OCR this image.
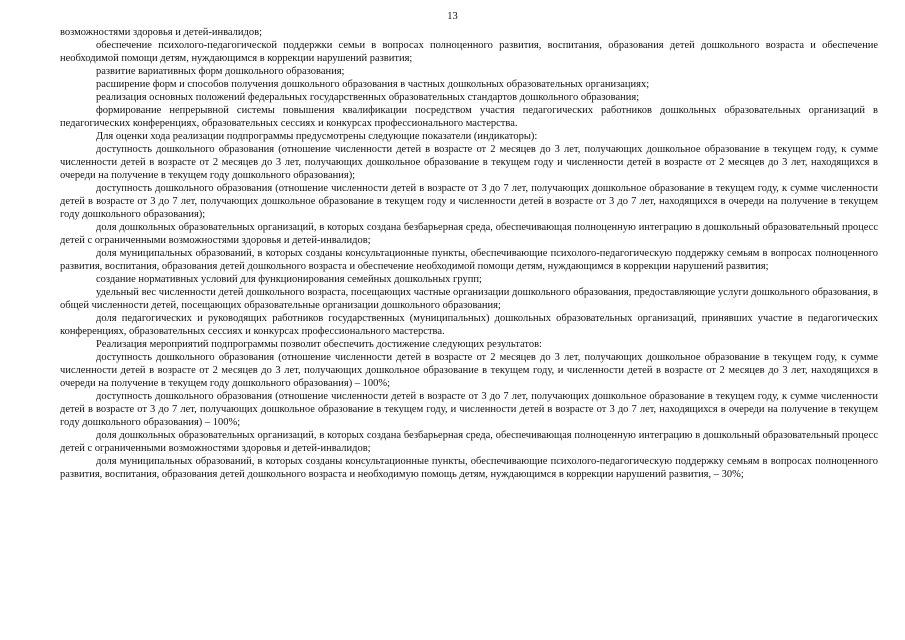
13

возможностями здоровья и детей-инвалидов;

обеспечение психолого-педагогической поддержки семьи в вопросах полноценного развития, воспитания, образования детей дошкольного возраста и обеспечение необходимой помощи детям, нуждающимся в коррекции нарушений развития;

развитие вариативных форм дошкольного образования;

расширение форм и способов получения дошкольного образования в частных дошкольных образовательных организациях;

реализация основных положений федеральных государственных образовательных стандартов дошкольного образования;

формирование непрерывной системы повышения квалификации посредством участия педагогических работников дошкольных образовательных организаций в педагогических конференциях, образовательных сессиях и конкурсах профессионального мастерства.

Для оценки хода реализации подпрограммы предусмотрены следующие показатели (индикаторы):

доступность дошкольного образования (отношение численности детей в возрасте от 2 месяцев до 3 лет, получающих дошкольное образование в текущем году, к сумме численности детей в возрасте от 2 месяцев до 3 лет, получающих дошкольное образование в текущем году и численности детей в возрасте от 2 месяцев до 3 лет, находящихся в очереди на получение в текущем году дошкольного образования);

доступность дошкольного образования (отношение численности детей в возрасте от 3 до 7 лет, получающих дошкольное образование в текущем году, к сумме численности детей в возрасте от 3 до 7 лет, получающих дошкольное образование в текущем году и численности детей в возрасте от 3 до 7 лет, находящихся в очереди на получение в текущем году дошкольного образования);

доля дошкольных образовательных организаций, в которых создана безбарьерная среда, обеспечивающая полноценную интеграцию в дошкольный образовательный процесс детей с ограниченными возможностями здоровья и детей-инвалидов;

доля муниципальных образований, в которых созданы консультационные пункты, обеспечивающие психолого-педагогическую поддержку семьям в вопросах полноценного развития, воспитания, образования детей дошкольного возраста и обеспечение необходимой помощи детям, нуждающимся в коррекции нарушений развития;

создание нормативных условий для функционирования семейных дошкольных групп;

удельный вес численности детей дошкольного возраста, посещающих частные организации дошкольного образования, предоставляющие услуги дошкольного образования, в общей численности детей, посещающих образовательные организации дошкольного образования;

доля педагогических и руководящих работников государственных (муниципальных) дошкольных образовательных организаций, принявших участие в педагогических конференциях, образовательных сессиях и конкурсах профессионального мастерства.

Реализация мероприятий подпрограммы позволит обеспечить достижение следующих результатов:

доступность дошкольного образования (отношение численности детей в возрасте от 2 месяцев до 3 лет, получающих дошкольное образование в текущем году, к сумме численности детей в возрасте от 2 месяцев до 3 лет, получающих дошкольное образование в текущем году, и численности детей в возрасте от 2 месяцев до 3 лет, находящихся в очереди на получение в текущем году дошкольного образования) – 100%;

доступность дошкольного образования (отношение численности детей в возрасте от 3 до 7 лет, получающих дошкольное образование в текущем году, к сумме численности детей в возрасте от 3 до 7 лет, получающих дошкольное образование в текущем году, и численности детей в возрасте от 3 до 7 лет, находящихся в очереди на получение в текущем году дошкольного образования) – 100%;

доля дошкольных образовательных организаций, в которых создана безбарьерная среда, обеспечивающая полноценную интеграцию в дошкольный образовательный процесс детей с ограниченными возможностями здоровья и детей-инвалидов;

доля муниципальных образований, в которых созданы консультационные пункты, обеспечивающие психолого-педагогическую поддержку семьям в вопросах полноценного развития, воспитания, образования детей дошкольного возраста и необходимую помощь детям, нуждающимся в коррекции нарушений развития, – 30%;
